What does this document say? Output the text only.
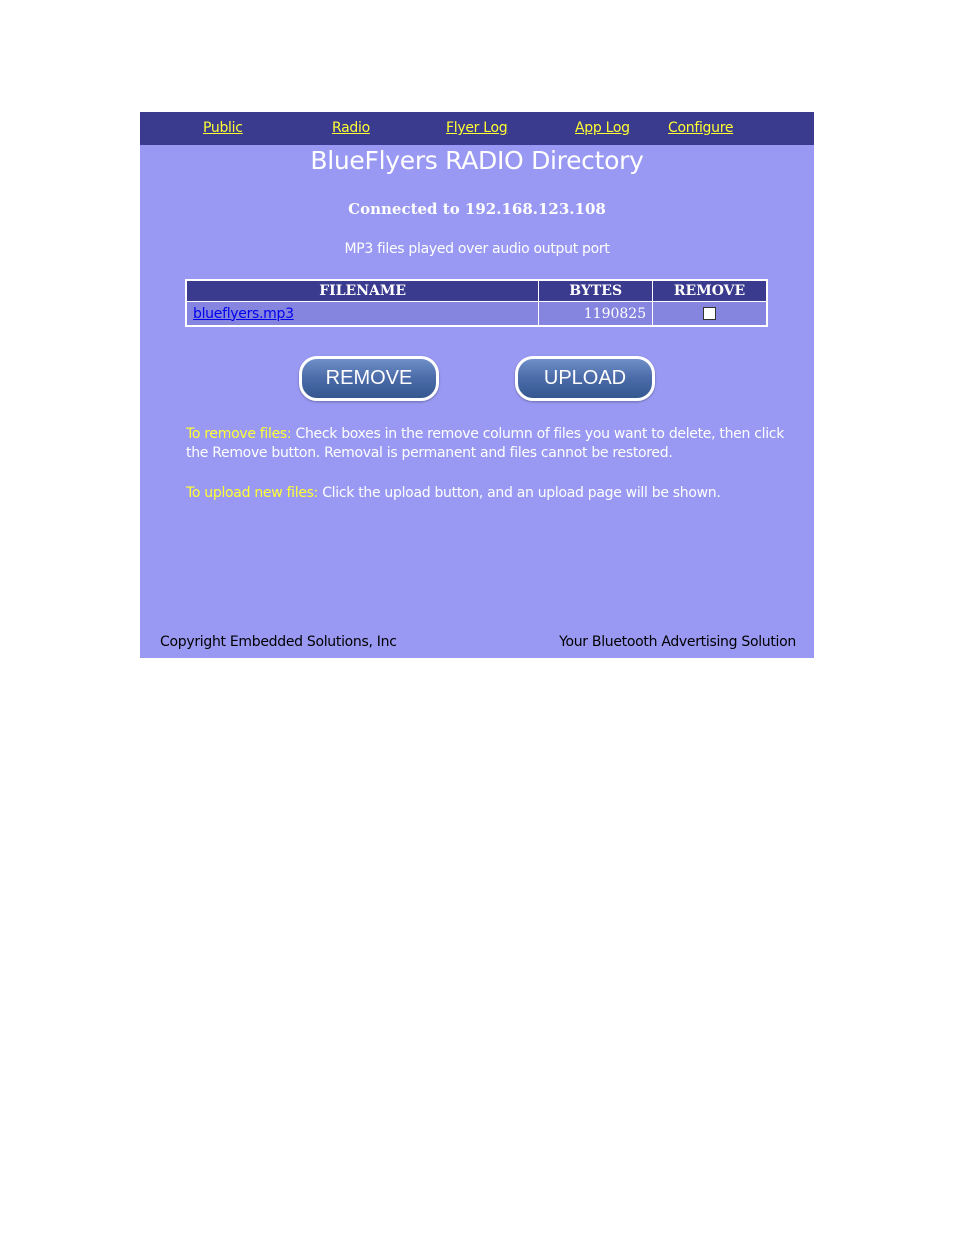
Public	Radio	Flyer Log	App Log	Configure
BlueFlyers RADIO Directory
Connected to 192.168.123.108
MP3 files played over audio output port
FILENAME	BYTES	REMOVE
blueflyers.mp3	1190825	
REMOVE	UPLOAD
To remove files: Check boxes in the remove column of files you want to delete, then click the Remove button. Removal is permanent and files cannot be restored.
To upload new files: Click the upload button, and an upload page will be shown.
Copyright Embedded Solutions, Inc	Your Bluetooth Advertising Solution
